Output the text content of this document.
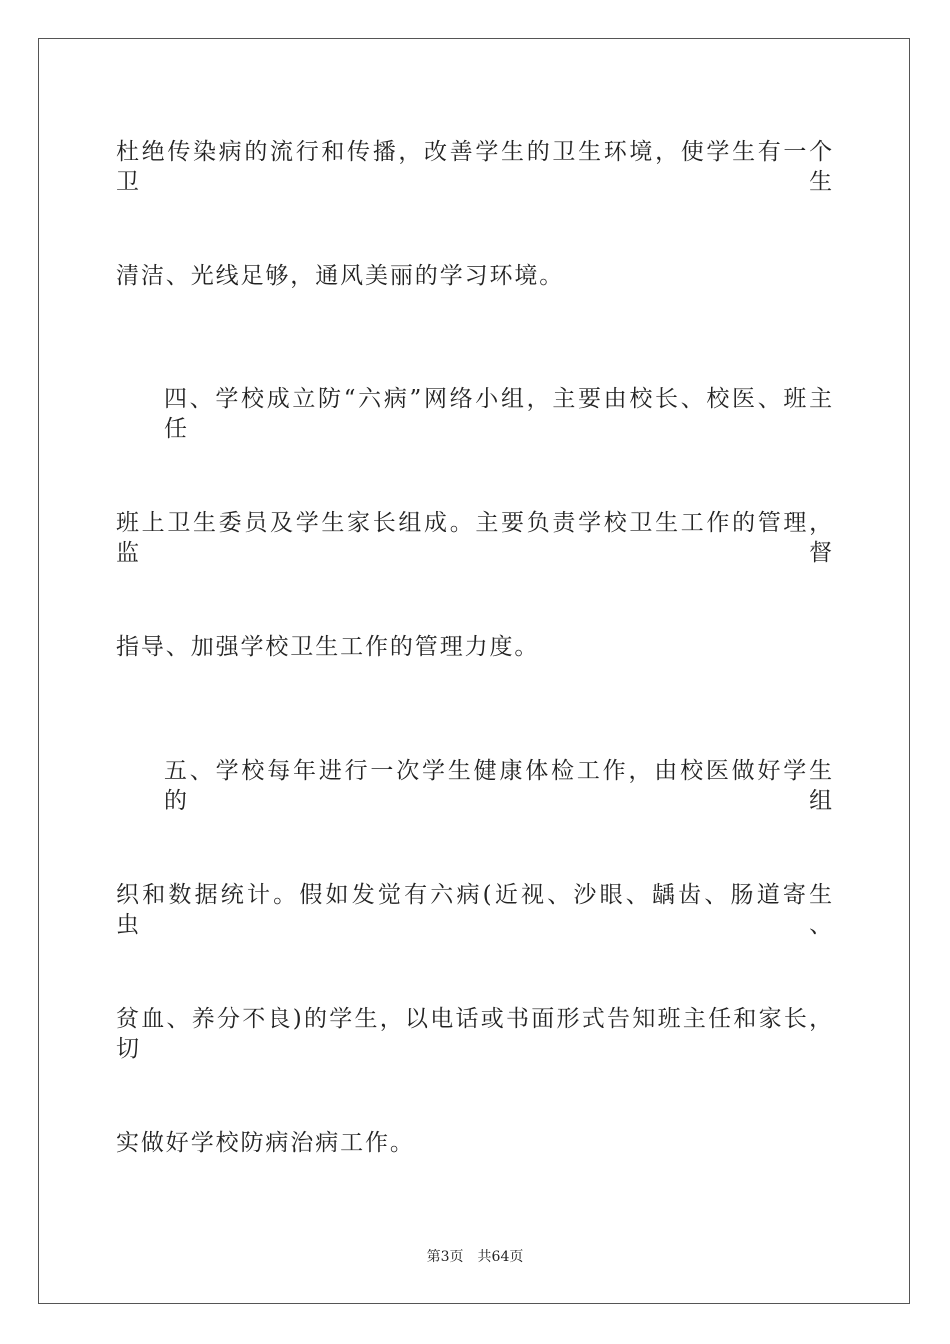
杜绝传染病的流行和传播，改善学生的卫生环境，使学生有一个卫生
清洁、光线足够，通风美丽的学习环境。
四、学校成立防“六病”网络小组，主要由校长、校医、班主任
班上卫生委员及学生家长组成。主要负责学校卫生工作的管理，监督
指导、加强学校卫生工作的管理力度。
五、学校每年进行一次学生健康体检工作，由校医做好学生的组
织和数据统计。假如发觉有六病(近视、沙眼、龋齿、肠道寄生虫、
贫血、养分不良)的学生，以电话或书面形式告知班主任和家长，切
实做好学校防病治病工作。
第3页 共64页
